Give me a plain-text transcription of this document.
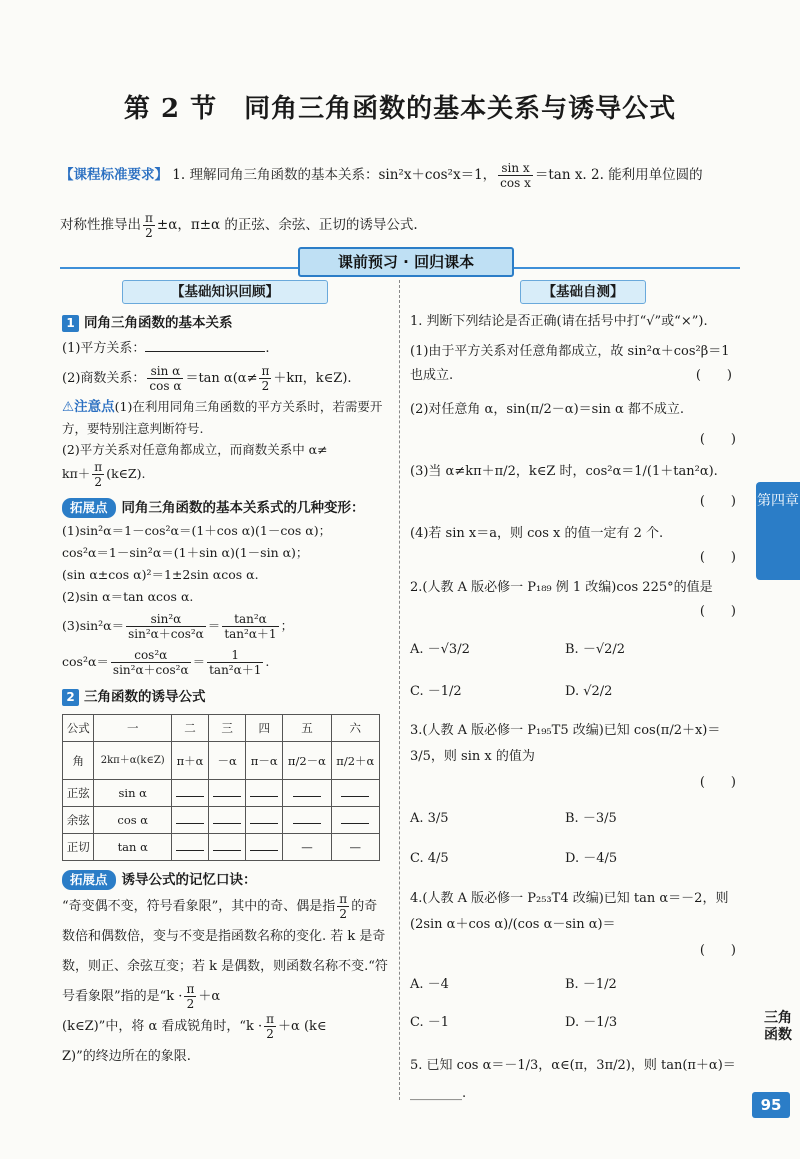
第 2 节　同角三角函数的基本关系与诱导公式
【课程标准要求】 1. 理解同角三角函数的基本关系：sin²x＋cos²x＝1， $\frac{\text{sin x}}{\text{cos x}} =\tan$ x. 2. 能利用单位圆的
对称性推导出 $\frac{\pi}{2} \pm\alpha$，π±α 的正弦、余弦、正切的诱导公式.
课前预习 · 回归课本
【基础知识回顾】
1 同角三角函数的基本关系
(1)平方关系：	.
(2)商数关系： $\frac{\text{sin α}}{\text{cos α}} =\tan$ $\alpha(\alpha\ne \frac{\pi}{2} +k\pi$，k∈Z).
⚠注意点(1)在利用同角三角函数的平方关系时，若需要开方，要特别注意判断符号.
(2)平方关系对任意角都成立，而商数关系中 α≠
$k\pi+ \frac{\pi}{2}$ (k∈Z).
拓展点 同角三角函数的基本关系式的几种变形：
(1)sin²α＝1－cos²α＝(1＋cos α)(1－cos α)；
cos²α＝1－sin²α＝(1＋sin α)(1－sin α)；
(sin α±cos α)²＝1±2sin αcos α.
(2)sin α＝tan αcos α.
$(3)\sin^2\alpha= \frac{\text{sin²α}}{\text{sin²α＋cos²α}} = \frac{\text{tan²α}}{\text{tan²α＋1}}$ ；
$\cos^2\alpha= \frac{\text{cos²α}}{\text{sin²α＋cos²α}} = \frac{1}{\text{tan²α＋1}}$ .
2 三角函数的诱导公式
公式	一	二	三	四	五	六
角	2kπ＋α(k∈Z)	π＋α	－α	π－α	π/2－α	π/2＋α
正弦	sin α					
余弦	cos α					
正切	tan α				—	—
拓展点 诱导公式的记忆口诀：
“奇变偶不变，符号看象限”，其中的奇、偶是指 $\frac{\pi}{2}$ 的奇数倍和偶数倍，变与不变是指函数名称的变化. 若 k 是奇数，则正、余弦互变；若 k 是偶数，则函数名称不变.“符号看象限”指的是“$k \cdot \frac{\pi}{2} +\alpha$
(k∈Z)”中，将 α 看成锐角时，“$k \cdot \frac{\pi}{2} +\alpha$ (k∈
Z)”的终边所在的象限.
【基础自测】
1. 判断下列结论是否正确(请在括号中打“√”或“×”).
(1)由于平方关系对任意角都成立，故 sin²α＋cos²β＝1 也成立.	(　　)
(2)对任意角 α，sin(π/2－α)＝sin α 都不成立.
(　　)
(3)当 α≠kπ＋π/2，k∈Z 时，cos²α＝1/(1＋tan²α).
(　　)
(4)若 sin x＝a，则 cos x 的值一定有 2 个.
(　　)
2.(人教 A 版必修一 P₁₈₉ 例 1 改编)cos 225°的值是
(　　)
A. －√3/2	B. －√2/2
C. －1/2	D. √2/2
3.(人教 A 版必修一 P₁₉₅T5 改编)已知 cos(π/2＋x)＝3/5，则 sin x 的值为
(　　)
A. 3/5	B. －3/5
C. 4/5	D. －4/5
4.(人教 A 版必修一 P₂₅₃T4 改编)已知 tan α＝－2，则 (2sin α＋cos α)/(cos α－sin α)＝
(　　)
A. －4	B. －1/2
C. －1	D. －1/3
5. 已知 cos α＝－1/3，α∈(π，3π/2)，则 tan(π＋α)＝
________.
第四章
三角函数
95
